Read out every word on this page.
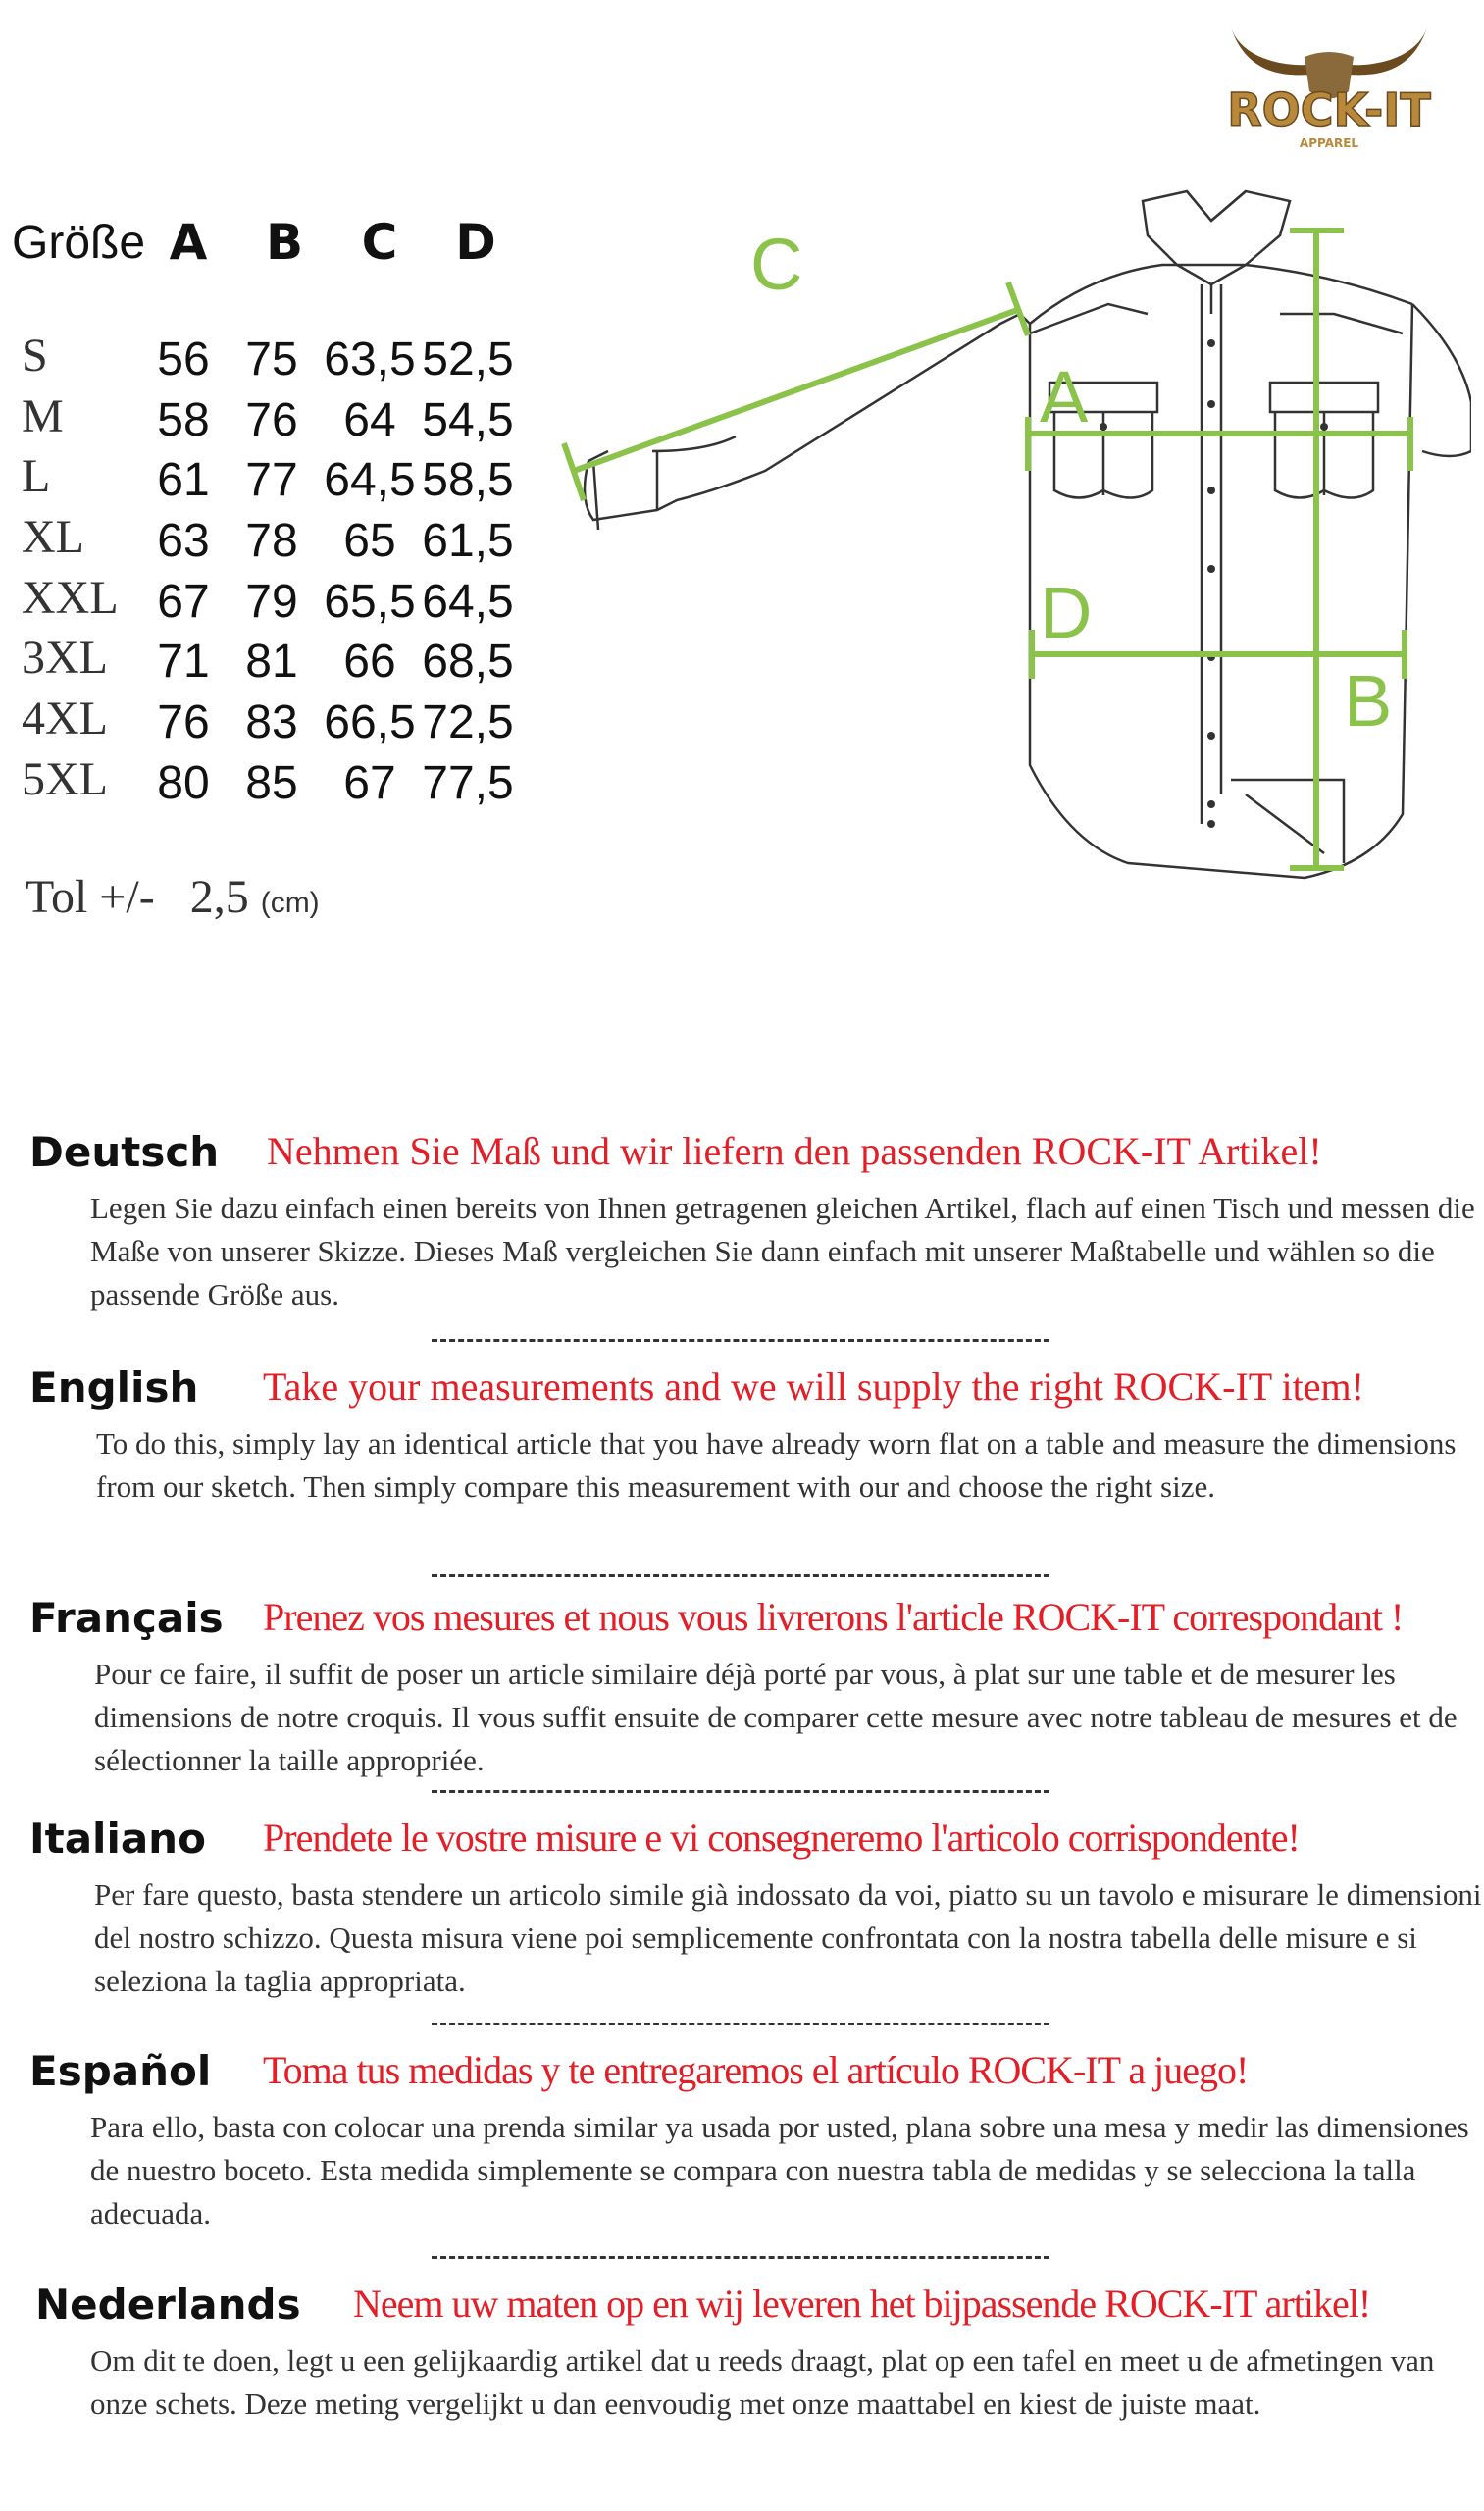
ROCK-IT
APPAREL
Größe A	B	C	D
S	56 75 63,5 52,5
M	58 76 64 54,5
L	61 77 64,5 58,5
XL	63 78 65 61,5
XXL 67 79 65,5 64,5
3XL	71 81 66 68,5
4XL	76 83 66,5 72,5
5XL	80 85 67 77,5
Tol +/- 2,5 (cm)
C
A
D
B
Deutsch Nehmen Sie Maß und wir liefern den passenden ROCK-IT Artikel!

Legen Sie dazu einfach einen bereits von Ihnen getragenen gleichen Artikel, flach auf einen Tisch und messen die Maße von unserer Skizze. Dieses Maß vergleichen Sie dann einfach mit unserer Maßtabelle und wählen so die passende Größe aus.

English Take your measurements and we will supply the right ROCK-IT item!

To do this, simply lay an identical article that you have already worn flat on a table and measure the dimensions from our sketch. Then simply compare this measurement with our and choose the right size.

Français Prenez vos mesures et nous vous livrerons l'article ROCK-IT correspondant !

Pour ce faire, il suffit de poser un article similaire déjà porté par vous, à plat sur une table et de mesurer les dimensions de notre croquis. Il vous suffit ensuite de comparer cette mesure avec notre tableau de mesures et de sélectionner la taille appropriée.

Italiano Prendete le vostre misure e vi consegneremo l'articolo corrispondente!

Per fare questo, basta stendere un articolo simile già indossato da voi, piatto su un tavolo e misurare le dimensioni del nostro schizzo. Questa misura viene poi semplicemente confrontata con la nostra tabella delle misure e si seleziona la taglia appropriata.

Español Toma tus medidas y te entregaremos el artículo ROCK-IT a juego!

Para ello, basta con colocar una prenda similar ya usada por usted, plana sobre una mesa y medir las dimensiones de nuestro boceto. Esta medida simplemente se compara con nuestra tabla de medidas y se selecciona la talla adecuada.

Nederlands Neem uw maten op en wij leveren het bijpassende ROCK-IT artikel!

Om dit te doen, legt u een gelijkaardig artikel dat u reeds draagt, plat op een tafel en meet u de afmetingen van onze schets. Deze meting vergelijkt u dan eenvoudig met onze maattabel en kiest de juiste maat.
